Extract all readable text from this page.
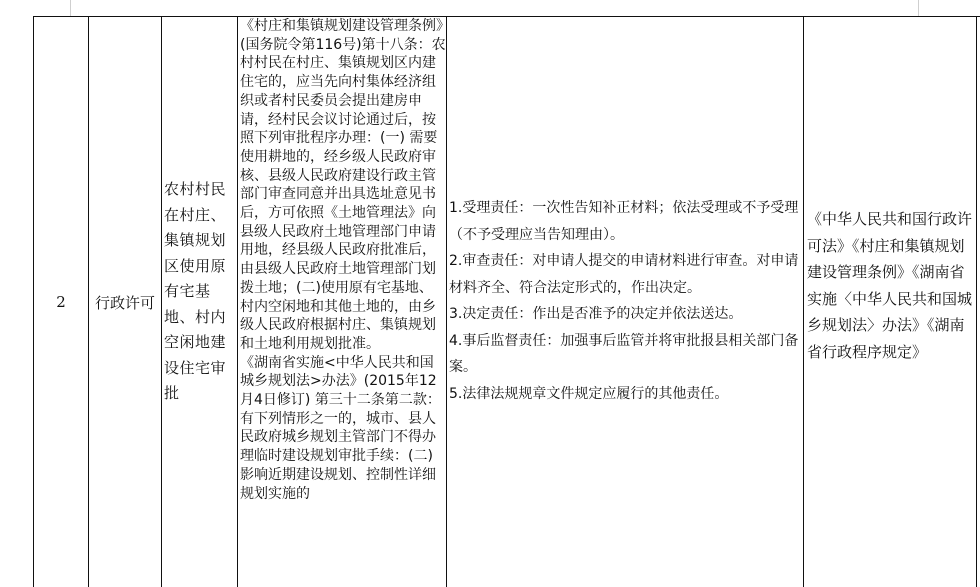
2 行政许可
农村村民在村庄、集镇规划区使用原有宅基地、村内空闲地建设住宅审批
《村庄和集镇规划建设管理条例》(国务院令第116号)第十八条：农村村民在村庄、集镇规划区内建住宅的，应当先向村集体经济组织或者村民委员会提出建房申请，经村民会议讨论通过后，按照下列审批程序办理：(一) 需要使用耕地的，经乡级人民政府审核、县级人民政府建设行政主管部门审查同意并出具选址意见书后，方可依照《土地管理法》向县级人民政府土地管理部门申请用地，经县级人民政府批准后，由县级人民政府土地管理部门划拨土地；(二)使用原有宅基地、村内空闲地和其他土地的，由乡级人民政府根据村庄、集镇规划和土地利用规划批准。
《湖南省实施<中华人民共和国城乡规划法>办法》(2015年12月4日修订) 第三十二条第二款：有下列情形之一的，城市、县人民政府城乡规划主管部门不得办理临时建设规划审批手续：(二) 影响近期建设规划、控制性详细规划实施的
1.受理责任：一次性告知补正材料；依法受理或不予受理（不予受理应当告知理由）。
2.审查责任：对申请人提交的申请材料进行审查。对申请材料齐全、符合法定形式的，作出决定。
3.决定责任：作出是否准予的决定并依法送达。
4.事后监督责任：加强事后监管并将审批报县相关部门备案。
5.法律法规规章文件规定应履行的其他责任。
《中华人民共和国行政许可法》《村庄和集镇规划建设管理条例》《湖南省实施〈中华人民共和国城乡规划法〉办法》《湖南省行政程序规定》
